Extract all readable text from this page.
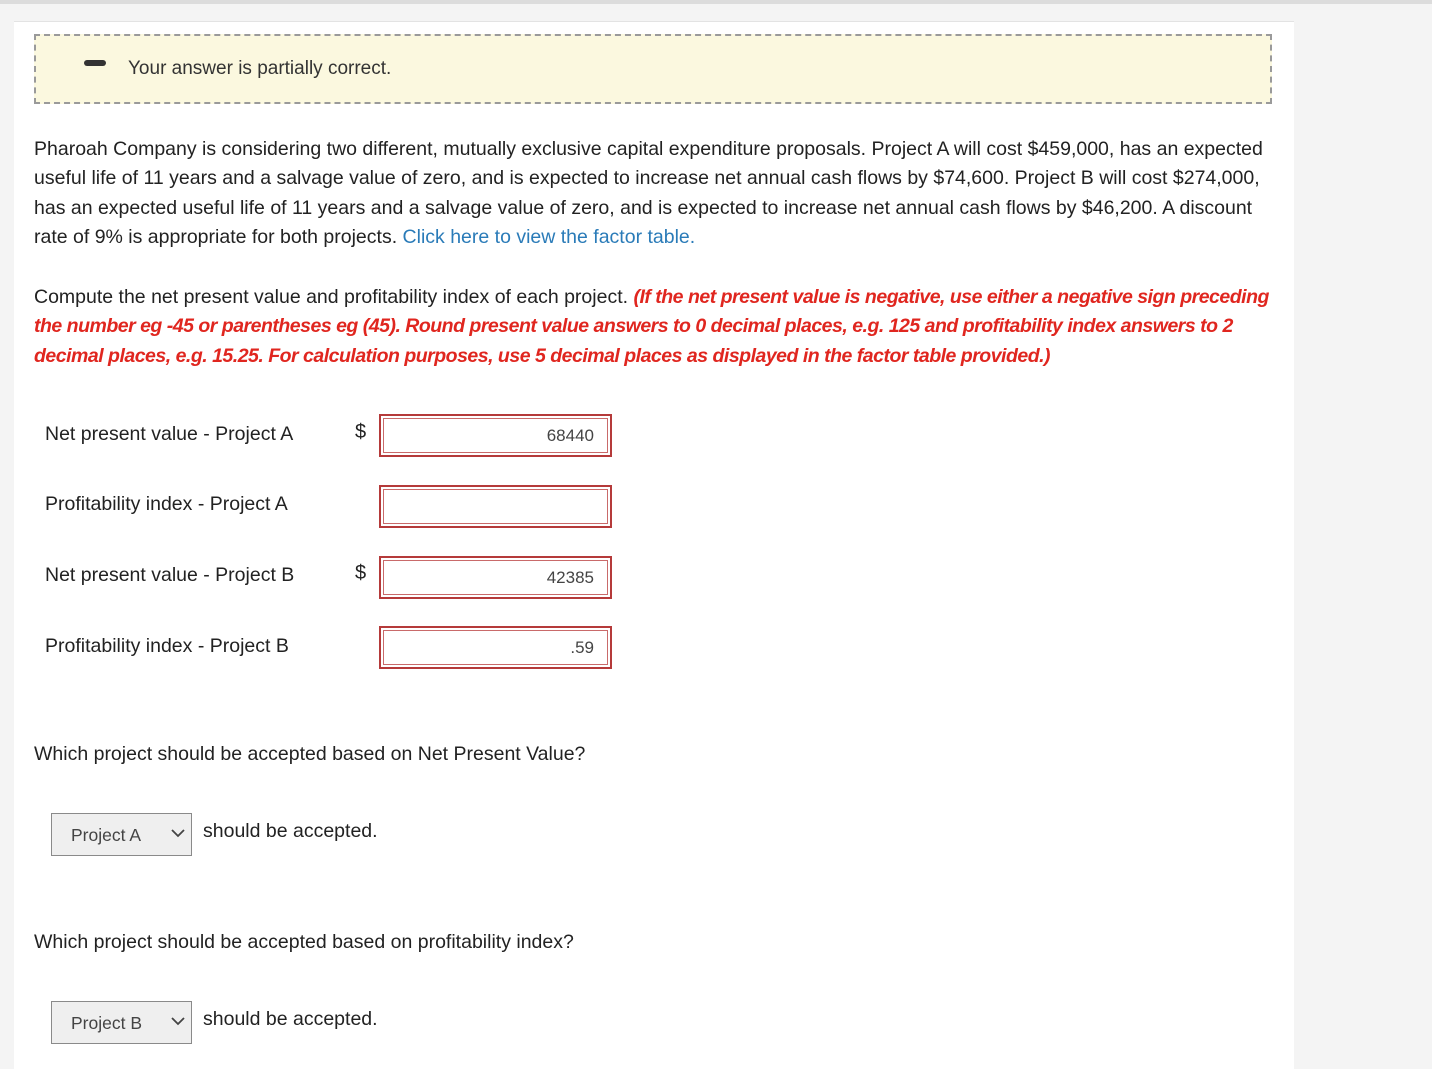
Your answer is partially correct.
Pharoah Company is considering two different, mutually exclusive capital expenditure proposals. Project A will cost $459,000, has an expected useful life of 11 years and a salvage value of zero, and is expected to increase net annual cash flows by $74,600. Project B will cost $274,000, has an expected useful life of 11 years and a salvage value of zero, and is expected to increase net annual cash flows by $46,200. A discount rate of 9% is appropriate for both projects. Click here to view the factor table.
Compute the net present value and profitability index of each project. (If the net present value is negative, use either a negative sign preceding the number eg -45 or parentheses eg (45). Round present value answers to 0 decimal places, e.g. 125 and profitability index answers to 2 decimal places, e.g. 15.25. For calculation purposes, use 5 decimal places as displayed in the factor table provided.)
Net present value - Project A	$	68440
Profitability index - Project A
Net present value - Project B	$	42385
Profitability index - Project B	.59
Which project should be accepted based on Net Present Value?
Project A	should be accepted.
Which project should be accepted based on profitability index?
Project B	should be accepted.
